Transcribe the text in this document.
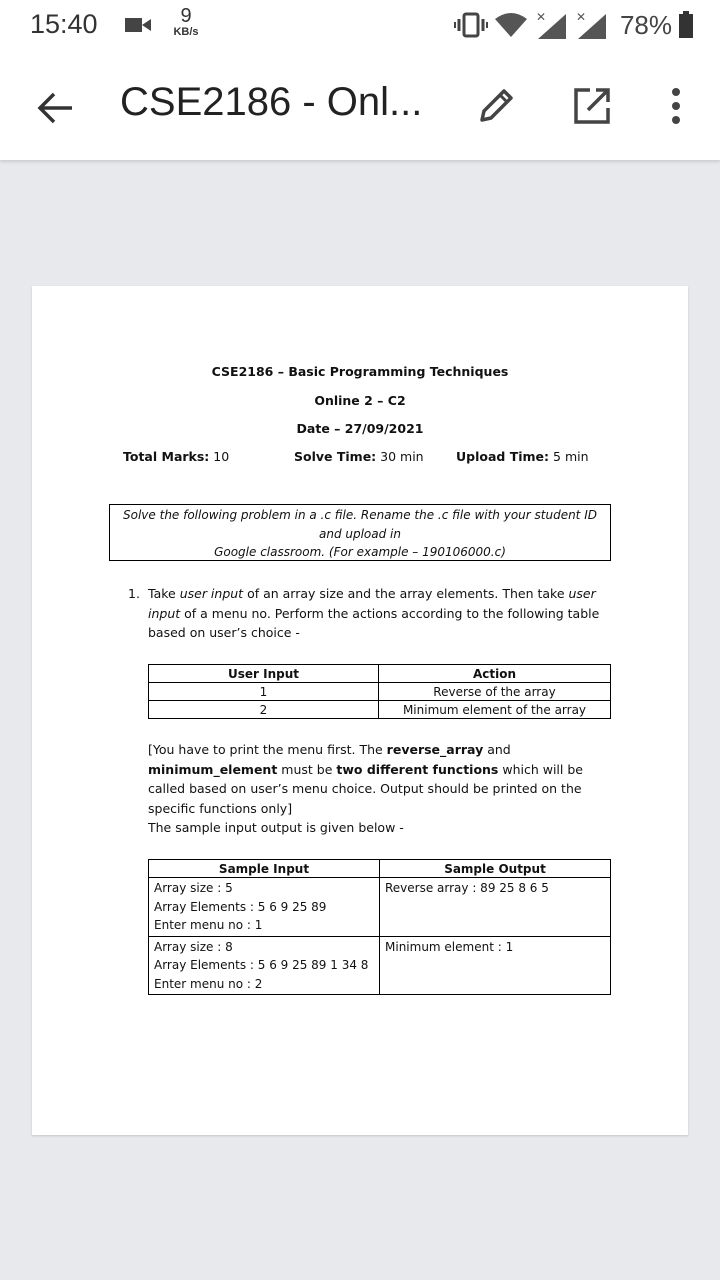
15:40	9
KB/s
✕ ✕ 78%
CSE2186 - Onl...
CSE2186 – Basic Programming Techniques
Online 2 – C2
Date – 27/09/2021
Total Marks: 10	Solve Time: 30 min	Upload Time: 5 min
Solve the following problem in a .c file. Rename the .c file with your student ID
and upload in
Google classroom. (For example – 190106000.c)
1. Take user input of an array size and the array elements. Then take user input of a menu no. Perform the actions according to the following table based on user’s choice -
User Input	Action
1	Reverse of the array
2	Minimum element of the array
[You have to print the menu first. The reverse_array and minimum_element must be two different functions which will be called based on user’s menu choice. Output should be printed on the specific functions only]
The sample input output is given below -
Sample Input	Sample Output

Array size : 5
Array Elements : 5 6 9 25 89
Enter menu no : 1	Reverse array : 89 25 8 6 5

Array size : 8
Array Elements : 5 6 9 25 89 1 34 8
Enter menu no : 2	Minimum element : 1
